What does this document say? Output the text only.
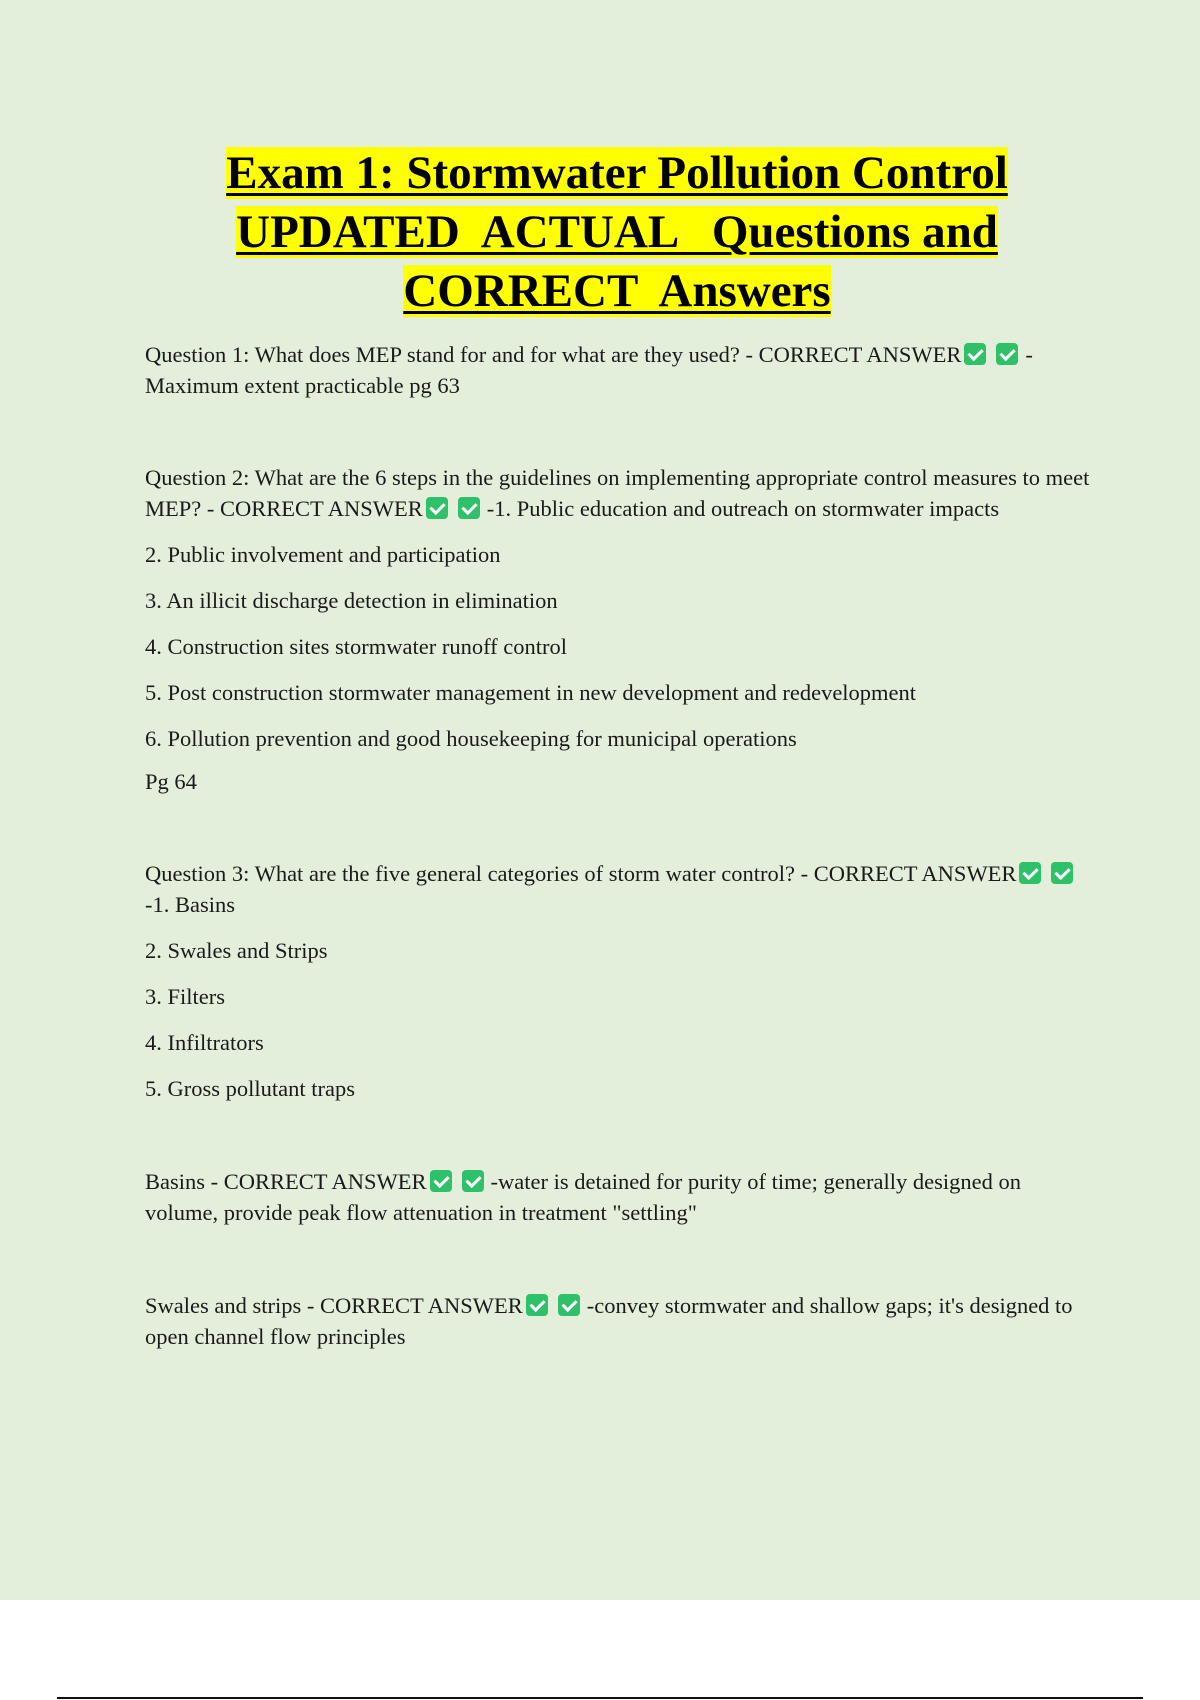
Exam 1: Stormwater Pollution Control
UPDATED  ACTUAL   Questions and
CORRECT  Answers

Question 1: What does MEP stand for and for what are they used? - CORRECT ANSWER	-Maximum extent practicable pg 63

Question 2: What are the 6 steps in the guidelines on implementing appropriate control measures to meet MEP? - CORRECT ANSWER	-1. Public education and outreach on stormwater impacts

2. Public involvement and participation

3. An illicit discharge detection in elimination

4. Construction sites stormwater runoff control

5. Post construction stormwater management in new development and redevelopment

6. Pollution prevention and good housekeeping for municipal operations

Pg 64

Question 3: What are the five general categories of storm water control? - CORRECT ANSWER-1. Basins

2. Swales and Strips

3. Filters

4. Infiltrators

5. Gross pollutant traps

Basins - CORRECT ANSWER	-water is detained for purity of time; generally designed on volume, provide peak flow attenuation in treatment "settling"

Swales and strips - CORRECT ANSWER	-convey stormwater and shallow gaps; it's designed to open channel flow principles
